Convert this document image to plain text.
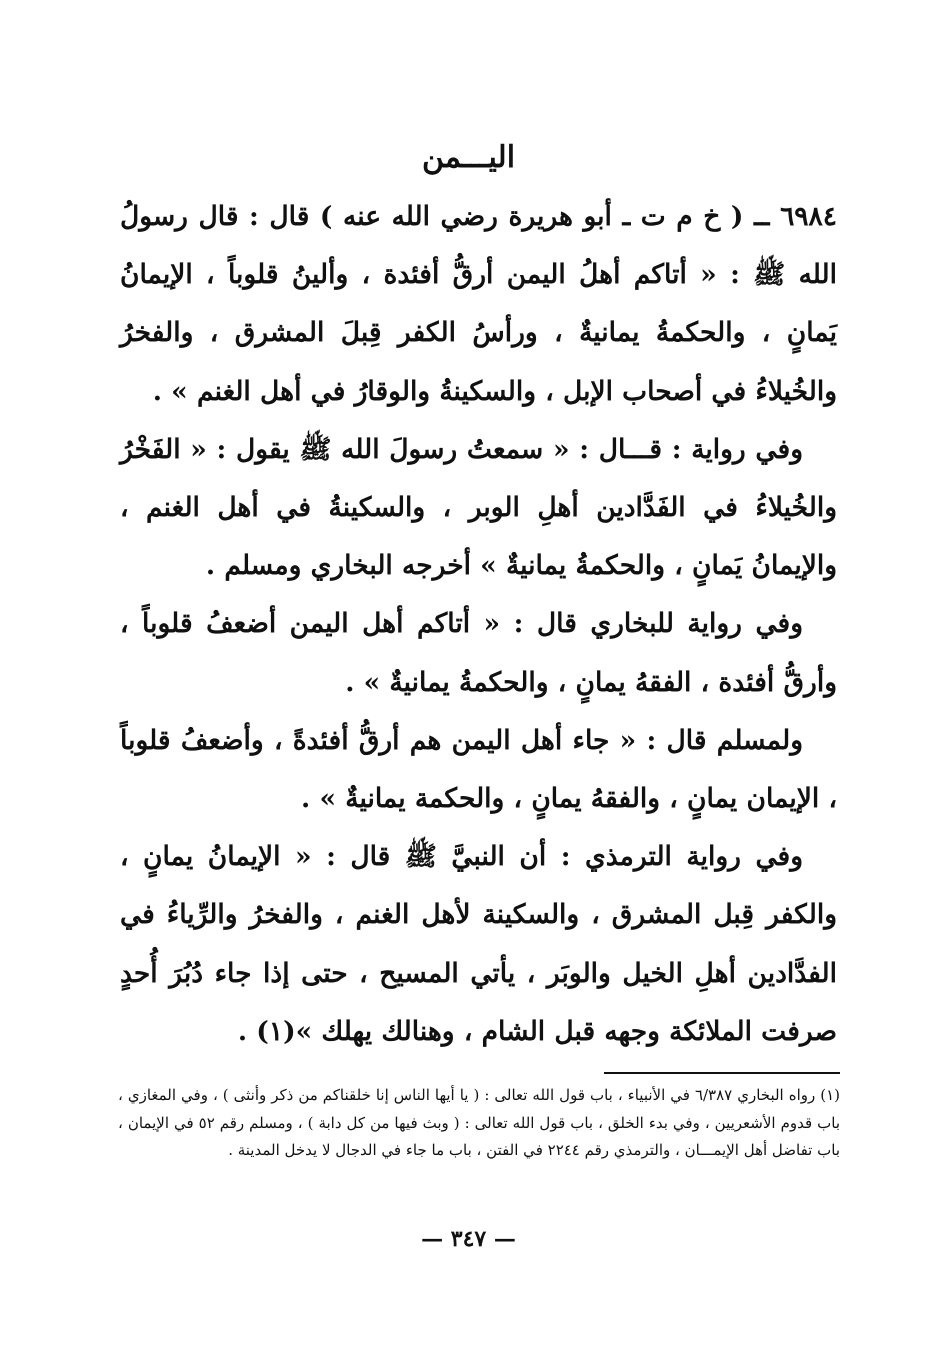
اليـــمن

٦٩٨٤ ــ ( خ م ت ـ أبو هريرة رضي الله عنه ) قال : قال رسولُ الله ﷺ : « أتاكم أهلُ اليمن أرقُّ أفئدة ، وألينُ قلوباً ، الإيمانُ يَمانٍ ، والحكمةُ يمانيةٌ ، ورأسُ الكفر قِبلَ المشرق ، والفخرُ والخُيلاءُ في أصحاب الإبل ، والسكينةُ والوقارُ في أهل الغنم » .

وفي رواية : قـــال : « سمعتُ رسولَ الله ﷺ يقول : « الفَخْرُ والخُيلاءُ في الفَدَّادين أهلِ الوبر ، والسكينةُ في أهل الغنم ، والإيمانُ يَمانٍ ، والحكمةُ يمانيةٌ » أخرجه البخاري ومسلم .

وفي رواية للبخاري قال : « أتاكم أهل اليمن أضعفُ قلوباً ، وأرقُّ أفئدة ، الفقهُ يمانٍ ، والحكمةُ يمانيةٌ » .

ولمسلم قال : « جاء أهل اليمن هم أرقُّ أفئدةً ، وأضعفُ قلوباً ، الإيمان يمانٍ ، والفقهُ يمانٍ ، والحكمة يمانيةٌ » .

وفي رواية الترمذي : أن النبيَّ ﷺ قال : « الإيمانُ يمانٍ ، والكفر قِبل المشرق ، والسكينة لأهل الغنم ، والفخرُ والرِّياءُ في الفدَّادين أهلِ الخيل والوبَر ، يأتي المسيح ، حتى إذا جاء دُبُرَ أُحدٍ صرفت الملائكة وجهه قبل الشام ، وهنالك يهلك »(١) .

(١) رواه البخاري ٦/٣٨٧ في الأنبياء ، باب قول الله تعالى : ( يا أيها الناس إنا خلقناكم من ذكر وأنثى ) ، وفي المغازي ، باب قدوم الأشعريين ، وفي بدء الخلق ، باب قول الله تعالى : ( وبث فيها من كل دابة ) ، ومسلم رقم ٥٢ في الإيمان ، باب تفاضل أهل الإيمـــان ، والترمذي رقم ٢٢٤٤ في الفتن ، باب ما جاء في الدجال لا يدخل المدينة .

— ٣٤٧ —
